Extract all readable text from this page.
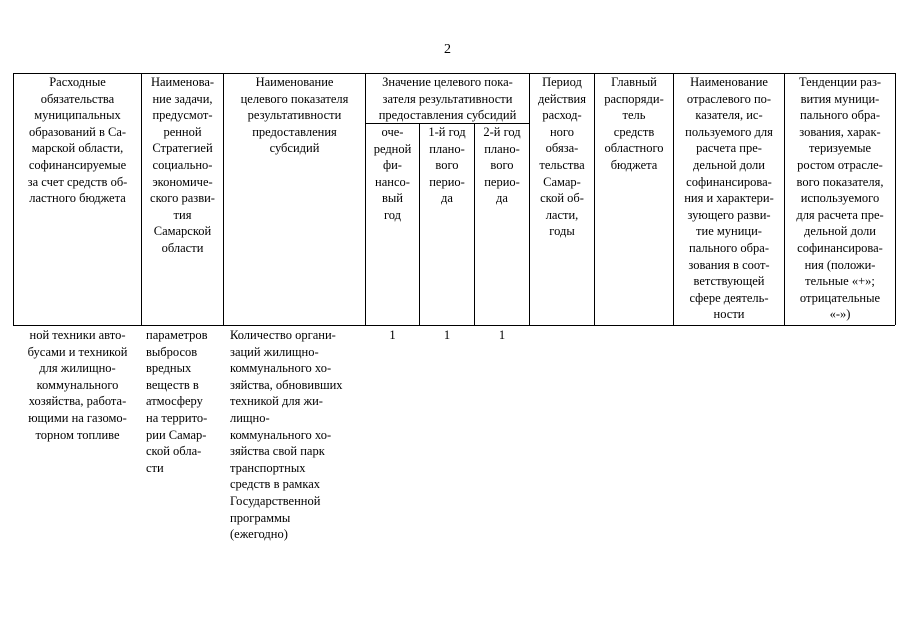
2
Расходные
обязательства
муниципальных
образований в Са-
марской области,
софинансируемые
за счет средств об-
ластного бюджета
Наименова-
ние задачи,
предусмот-
ренной
Стратегией
социально-
экономиче-
ского разви-
тия
Самарской
области
Наименование
целевого показателя
результативности
предоставления
субсидий
Значение целевого пока-
зателя результативности
предоставления субсидий
оче-
редной
фи-
нансо-
вый
год
1-й год
плано-
вого
перио-
да
2-й год
плано-
вого
перио-
да
Период
действия
расход-
ного
обяза-
тельства
Самар-
ской об-
ласти,
годы
Главный
распоряди-
тель
средств
областного
бюджета
Наименование
отраслевого по-
казателя, ис-
пользуемого для
расчета пре-
дельной доли
софинансирова-
ния и характери-
зующего разви-
тие муници-
пального обра-
зования в соот-
ветствующей
сфере деятель-
ности
Тенденции раз-
вития муници-
пального обра-
зования, харак-
теризуемые
ростом отрасле-
вого показателя,
используемого
для расчета пре-
дельной доли
софинансирова-
ния (положи-
тельные «+»;
отрицательные
«-»)
ной техники авто-
бусами и техникой
для жилищно-
коммунального
хозяйства, работа-
ющими на газомо-
торном топливе
параметров
выбросов
вредных
веществ в
атмосферу
на террито-
рии Самар-
ской обла-
сти
Количество органи-
заций жилищно-
коммунального хо-
зяйства, обновивших
техникой для жи-
лищно-
коммунального хо-
зяйства свой парк
транспортных
средств в рамках
Государственной
программы
(ежегодно)
1	1	1
